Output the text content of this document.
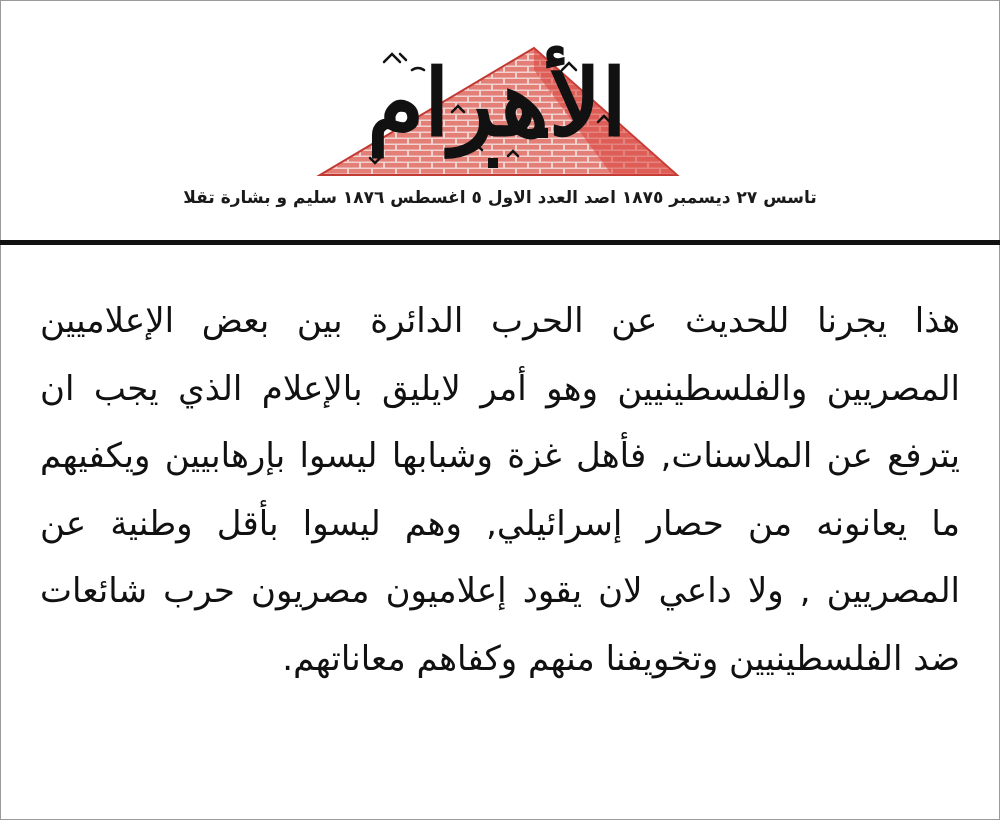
الأهرام
تاسس ٢٧ ديسمبر ١٨٧٥ اصد العدد الاول ٥ اغسطس ١٨٧٦ سليم و بشارة تقلا
هذا يجرنا للحديث عن الحرب الدائرة بين بعض الإعلاميين المصريين والفلسطينيين وهو أمر لايليق بالإعلام الذي يجب ان يترفع عن الملاسنات, فأهل غزة وشبابها ليسوا بإرهابيين ويكفيهم ما يعانونه من حصار إسرائيلي, وهم ليسوا بأقل وطنية عن المصريين , ولا داعي لان يقود إعلاميون مصريون حرب شائعات ضد الفلسطينيين وتخويفنا منهم وكفاهم معاناتهم.
